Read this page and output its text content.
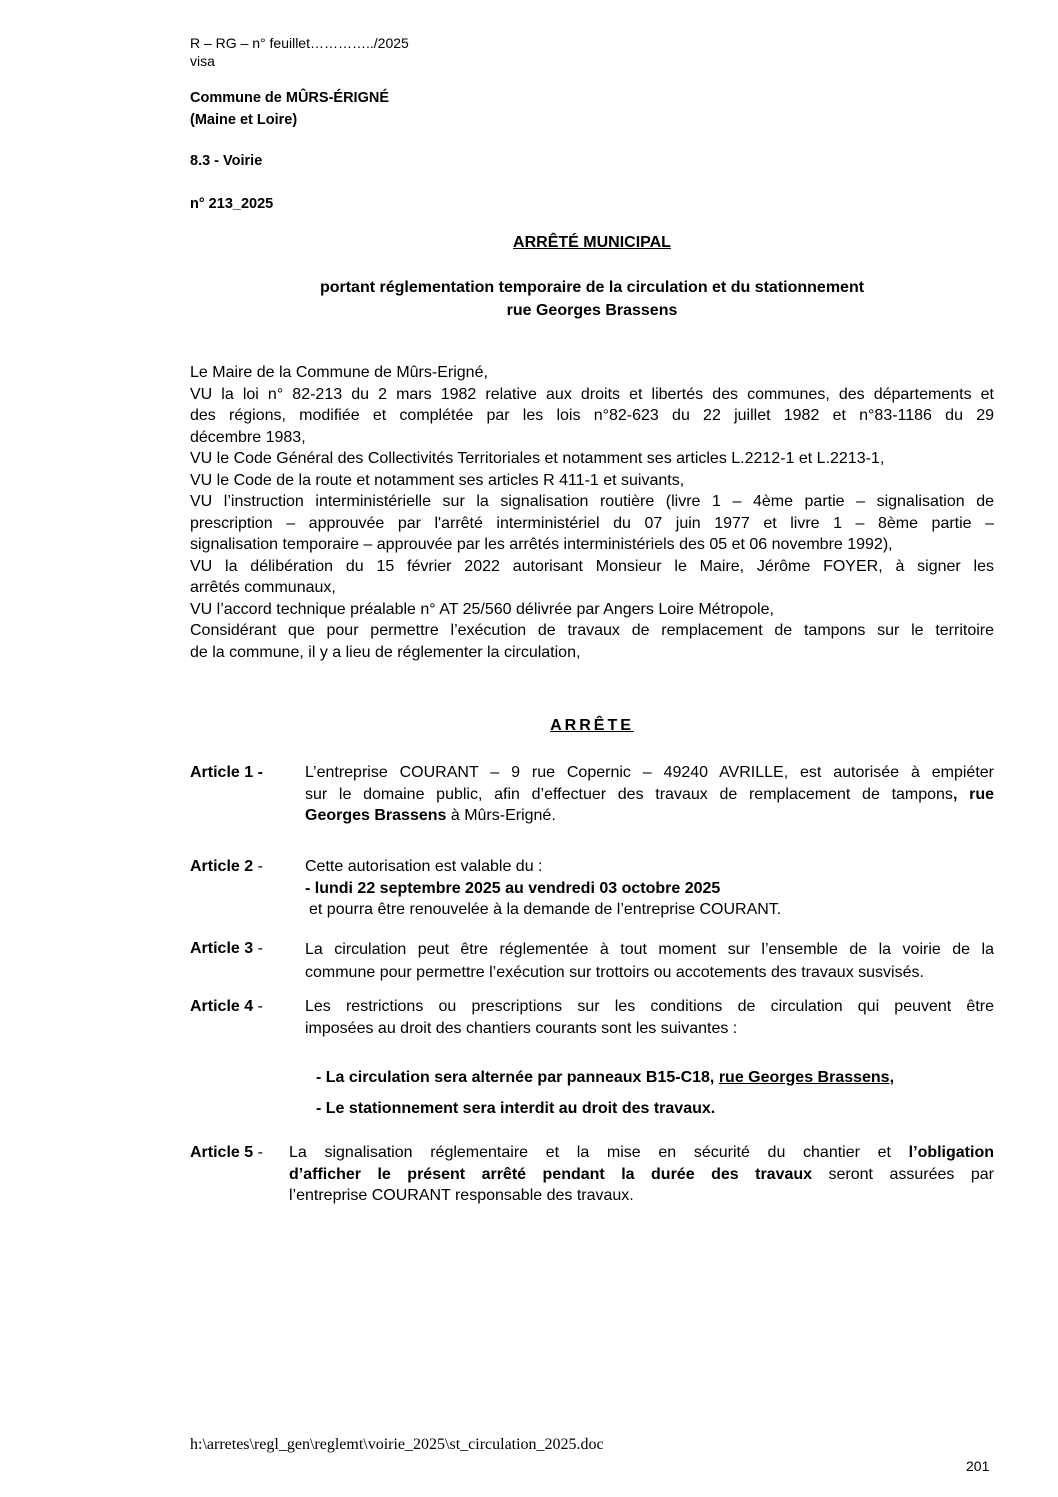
R – RG – n° feuillet…………../2025
visa
Commune de MÛRS-ÉRIGNÉ
(Maine et Loire)
8.3 - Voirie
n° 213_2025
ARRÊTÉ MUNICIPAL
portant réglementation temporaire de la circulation et du stationnement
rue Georges Brassens
Le Maire de la Commune de Mûrs-Erigné,
VU la loi n° 82-213 du 2 mars 1982 relative aux droits et libertés des communes, des départements et
des régions, modifiée et complétée par les lois n°82-623 du 22 juillet 1982 et n°83-1186 du 29
décembre 1983,
VU le Code Général des Collectivités Territoriales et notamment ses articles L.2212-1 et L.2213-1,
VU le Code de la route et notamment ses articles R 411-1 et suivants,
VU l’instruction interministérielle sur la signalisation routière (livre 1 – 4ème partie – signalisation de
prescription – approuvée par l'arrêté interministériel du 07 juin 1977 et livre 1 – 8ème partie –
signalisation temporaire – approuvée par les arrêtés interministériels des 05 et 06 novembre 1992),
VU la délibération du 15 février 2022 autorisant Monsieur le Maire, Jérôme FOYER, à signer les
arrêtés communaux,
VU l’accord technique préalable n° AT 25/560 délivrée par Angers Loire Métropole,
Considérant que pour permettre l’exécution de travaux de remplacement de tampons sur le territoire
de la commune, il y a lieu de réglementer la circulation,
ARRÊTE
Article 1 -	L’entreprise COURANT – 9 rue Copernic – 49240 AVRILLE, est autorisée à empiéter
sur le domaine public, afin d’effectuer des travaux de remplacement de tampons, rue
Georges Brassens à Mûrs-Erigné.
Article 2 -	Cette autorisation est valable du :
- lundi 22 septembre 2025 au vendredi 03 octobre 2025
et pourra être renouvelée à la demande de l’entreprise COURANT.
Article 3 -	La circulation peut être réglementée à tout moment sur l’ensemble de la voirie de la
commune pour permettre l’exécution sur trottoirs ou accotements des travaux susvisés.
Article 4 -	Les restrictions ou prescriptions sur les conditions de circulation qui peuvent être
imposées au droit des chantiers courants sont les suivantes :
- La circulation sera alternée par panneaux B15-C18, rue Georges Brassens,
- Le stationnement sera interdit au droit des travaux.
Article 5 - La signalisation réglementaire et la mise en sécurité du chantier et l’obligation
d’afficher le présent arrêté pendant la durée des travaux seront assurées par
l’entreprise COURANT responsable des travaux.
h:\arretes\regl_gen\reglemt\voirie_2025\st_circulation_2025.doc
201
